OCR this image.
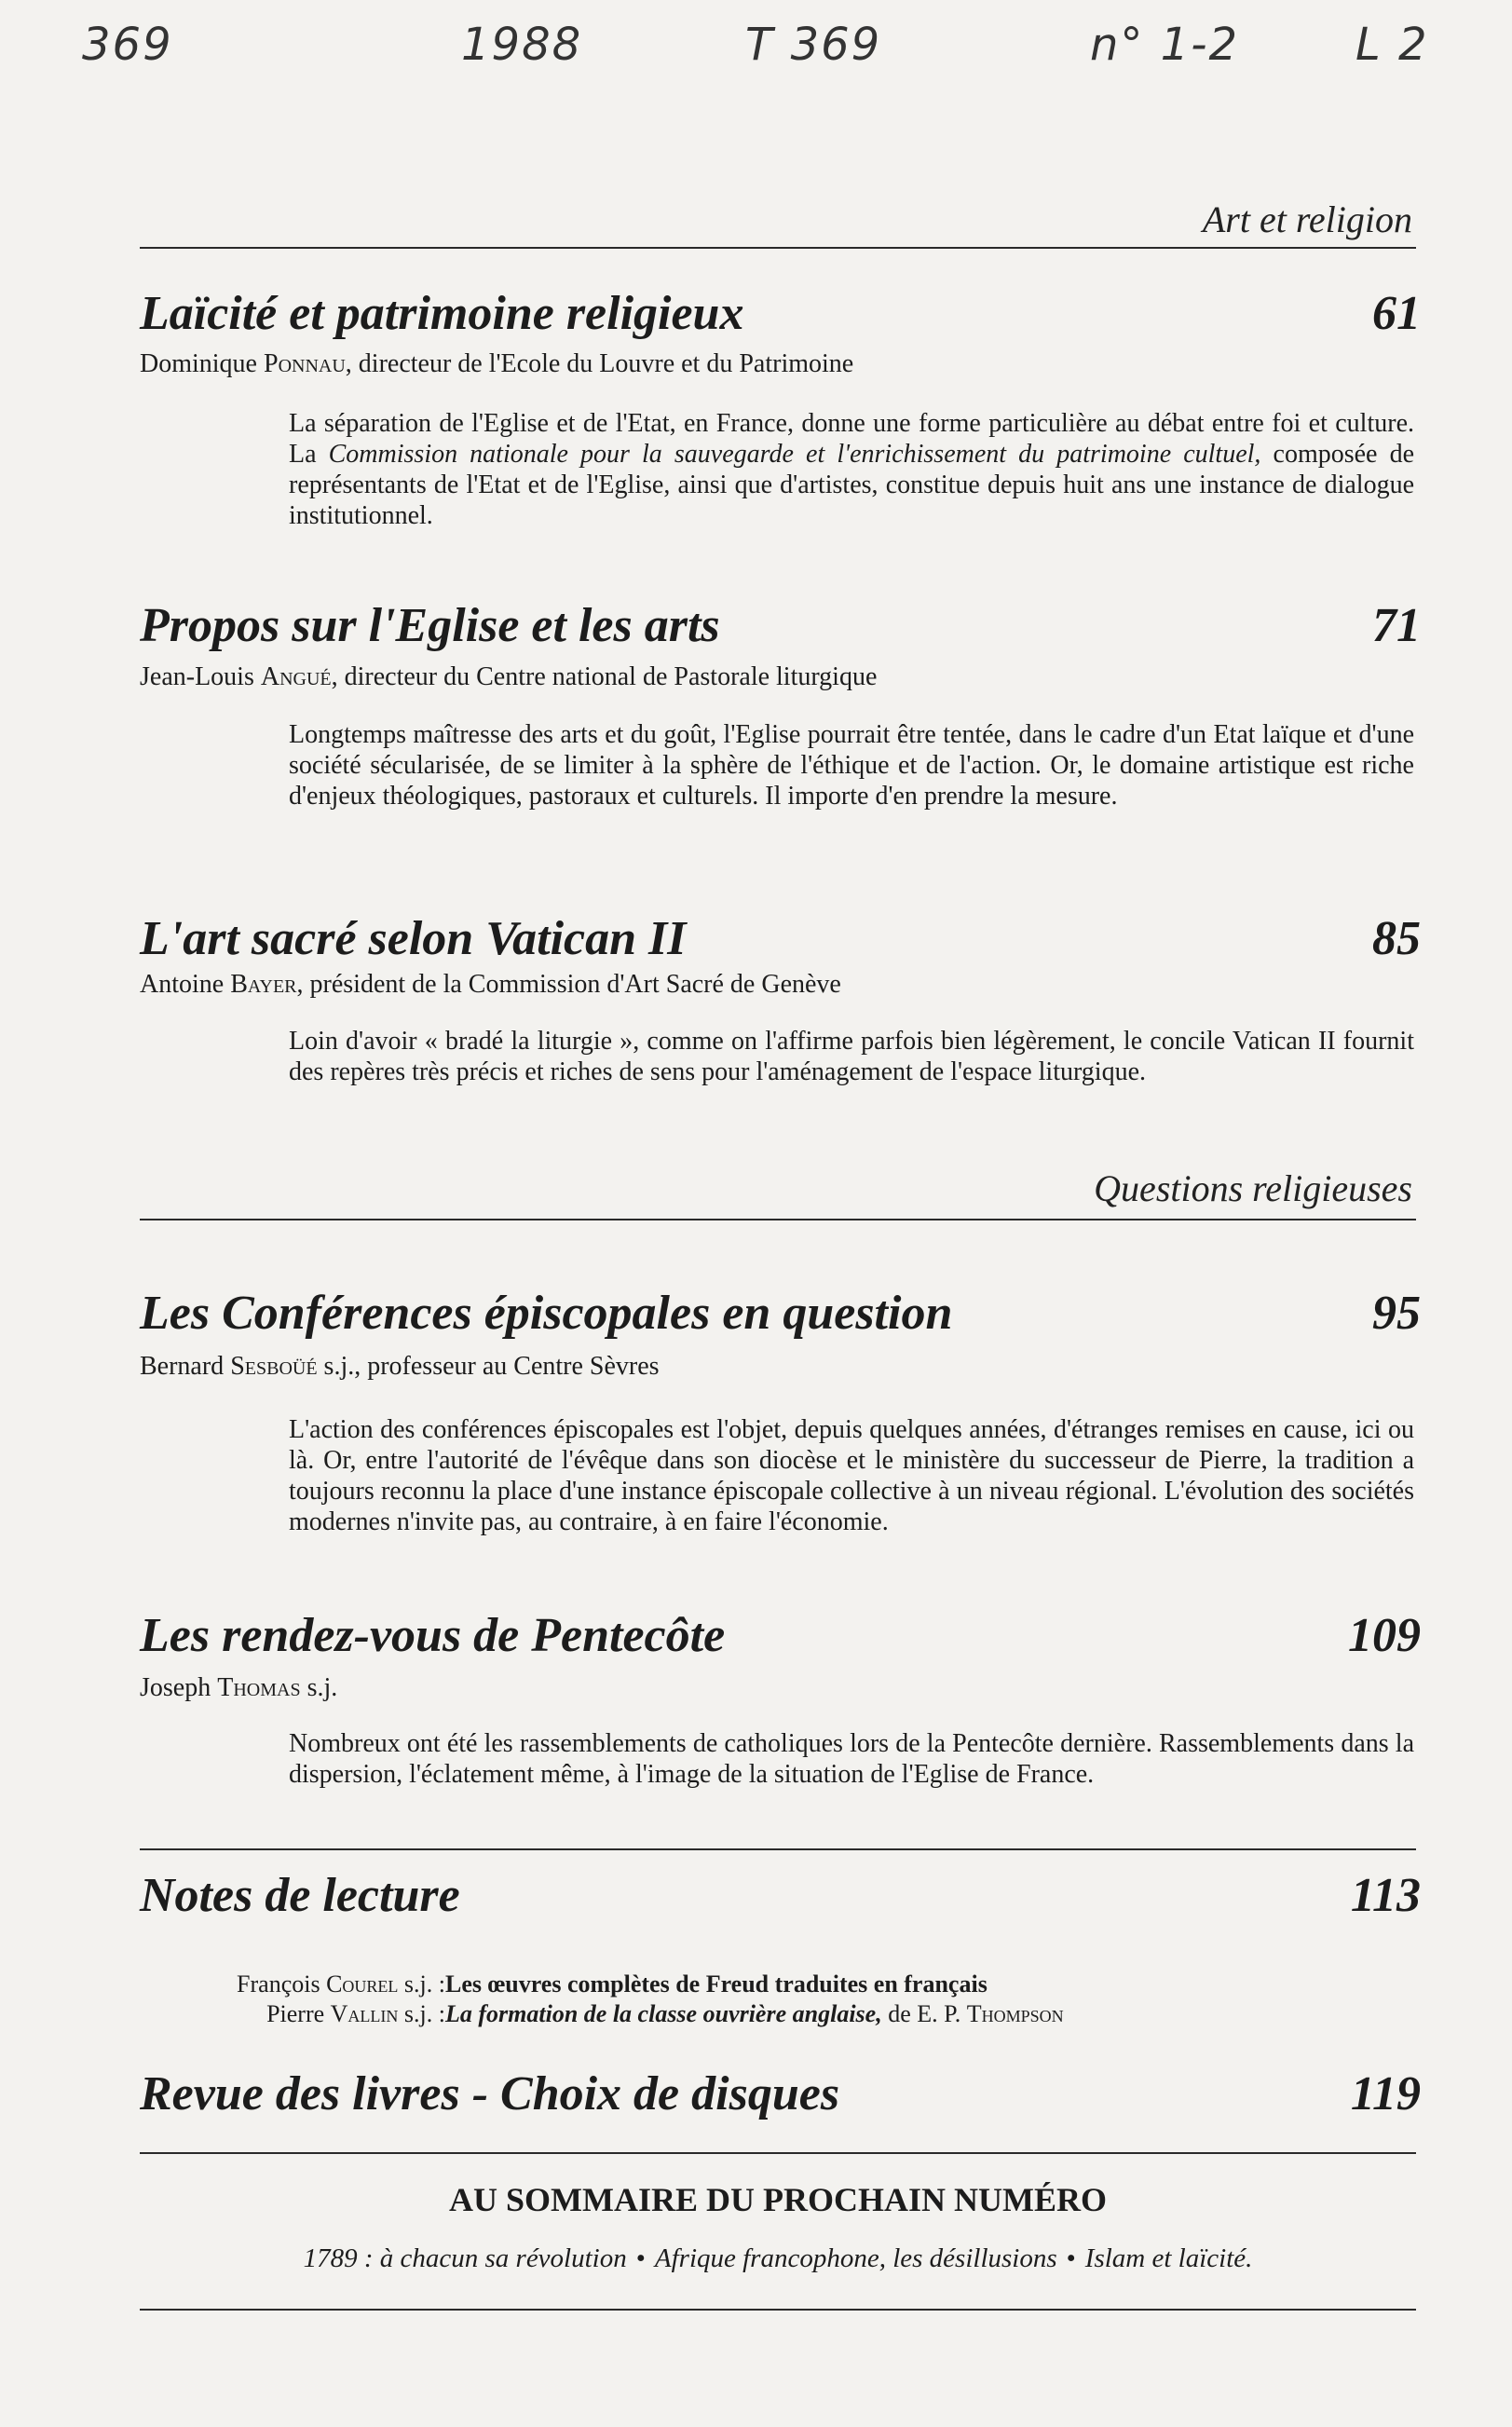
369	1988	T 369	n° 1-2	L 2
Art et religion
Laïcité et patrimoine religieux	61
Dominique Ponnau, directeur de l'Ecole du Louvre et du Patrimoine
La séparation de l'Eglise et de l'Etat, en France, donne une forme particulière au débat entre foi et culture. La Commission nationale pour la sauvegarde et l'enrichissement du patrimoine cultuel, composée de représentants de l'Etat et de l'Eglise, ainsi que d'artistes, constitue depuis huit ans une instance de dialogue institutionnel.
Propos sur l'Eglise et les arts	71
Jean-Louis Angué, directeur du Centre national de Pastorale liturgique
Longtemps maîtresse des arts et du goût, l'Eglise pourrait être tentée, dans le cadre d'un Etat laïque et d'une société sécularisée, de se limiter à la sphère de l'éthique et de l'action. Or, le domaine artistique est riche d'enjeux théologiques, pastoraux et culturels. Il importe d'en prendre la mesure.
L'art sacré selon Vatican II	85
Antoine Bayer, président de la Commission d'Art Sacré de Genève
Loin d'avoir « bradé la liturgie », comme on l'affirme parfois bien légèrement, le concile Vatican II fournit des repères très précis et riches de sens pour l'aménagement de l'espace liturgique.
Questions religieuses
Les Conférences épiscopales en question	95
Bernard Sesboüé s.j., professeur au Centre Sèvres
L'action des conférences épiscopales est l'objet, depuis quelques années, d'étranges remises en cause, ici ou là. Or, entre l'autorité de l'évêque dans son diocèse et le ministère du successeur de Pierre, la tradition a toujours reconnu la place d'une instance épiscopale collective à un niveau régional. L'évolution des sociétés modernes n'invite pas, au contraire, à en faire l'économie.
Les rendez-vous de Pentecôte	109
Joseph Thomas s.j.
Nombreux ont été les rassemblements de catholiques lors de la Pentecôte dernière. Rassemblements dans la dispersion, l'éclatement même, à l'image de la situation de l'Eglise de France.
Notes de lecture	113
François Courel s.j. :Les œuvres complètes de Freud traduites en français
Pierre Vallin s.j. :La formation de la classe ouvrière anglaise, de E. P. Thompson
Revue des livres - Choix de disques	119
AU SOMMAIRE DU PROCHAIN NUMÉRO
1789 : à chacun sa révolution • Afrique francophone, les désillusions • Islam et laïcité.
